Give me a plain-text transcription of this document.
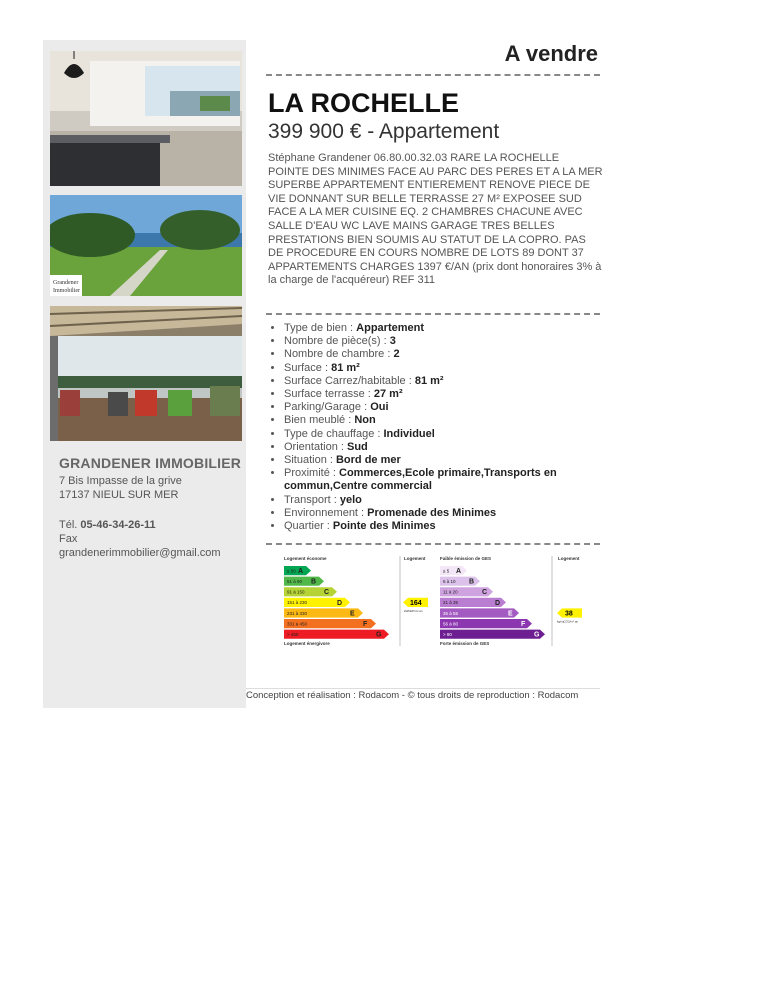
Grandener
Immobilier
GRANDENER IMMOBILIER
7 Bis Impasse de la grive
17137 NIEUL SUR MER
Tél. 05-46-34-26-11
Fax
grandenerimmobilier@gmail.com
A vendre
LA ROCHELLE
399 900 € - Appartement
Stéphane Grandener 06.80.00.32.03 RARE LA ROCHELLE POINTE DES MINIMES FACE AU PARC DES PERES ET A LA MER SUPERBE APPARTEMENT ENTIEREMENT RENOVE PIECE DE VIE DONNANT SUR BELLE TERRASSE 27 M² EXPOSEE SUD FACE A LA MER CUISINE EQ. 2 CHAMBRES CHACUNE AVEC SALLE D'EAU WC LAVE MAINS GARAGE TRES BELLES PRESTATIONS BIEN SOUMIS AU STATUT DE LA COPRO. PAS DE PROCEDURE EN COURS NOMBRE DE LOTS 89 DONT 37 APPARTEMENTS CHARGES 1397 €/AN (prix dont honoraires 3% à la charge de l'acquéreur) REF 311
• Type de bien : Appartement
• Nombre de pièce(s) : 3
• Nombre de chambre : 2
• Surface : 81 m²
• Surface Carrez/habitable : 81 m²
• Surface terrasse : 27 m²
• Parking/Garage : Oui
• Bien meublé : Non
• Type de chauffage : Individuel
• Orientation : Sud
• Situation : Bord de mer
• Proximité : Commerces,Ecole primaire,Transports en commun,Centre commercial
• Transport : yelo
• Environnement : Promenade des Minimes
• Quartier : Pointe des Minimes
Logement économe	Logement	Faible émission de GES	Logement
≤ 50 A
51 à 90 B
91 à 150	C
151 à 230	D
231 à 330	E
331 à 450	F
> 450	G
≤ 5 A
6 à 10 B
11 à 20	C
21 à 35	D
36 à 55	E
56 à 80	F
> 80	G
164
kWhEP/m².an	38
kgéqCO2/m².an
Logement énergivore	Forte émission de GES
Conception et réalisation : Rodacom - © tous droits de reproduction : Rodacom
